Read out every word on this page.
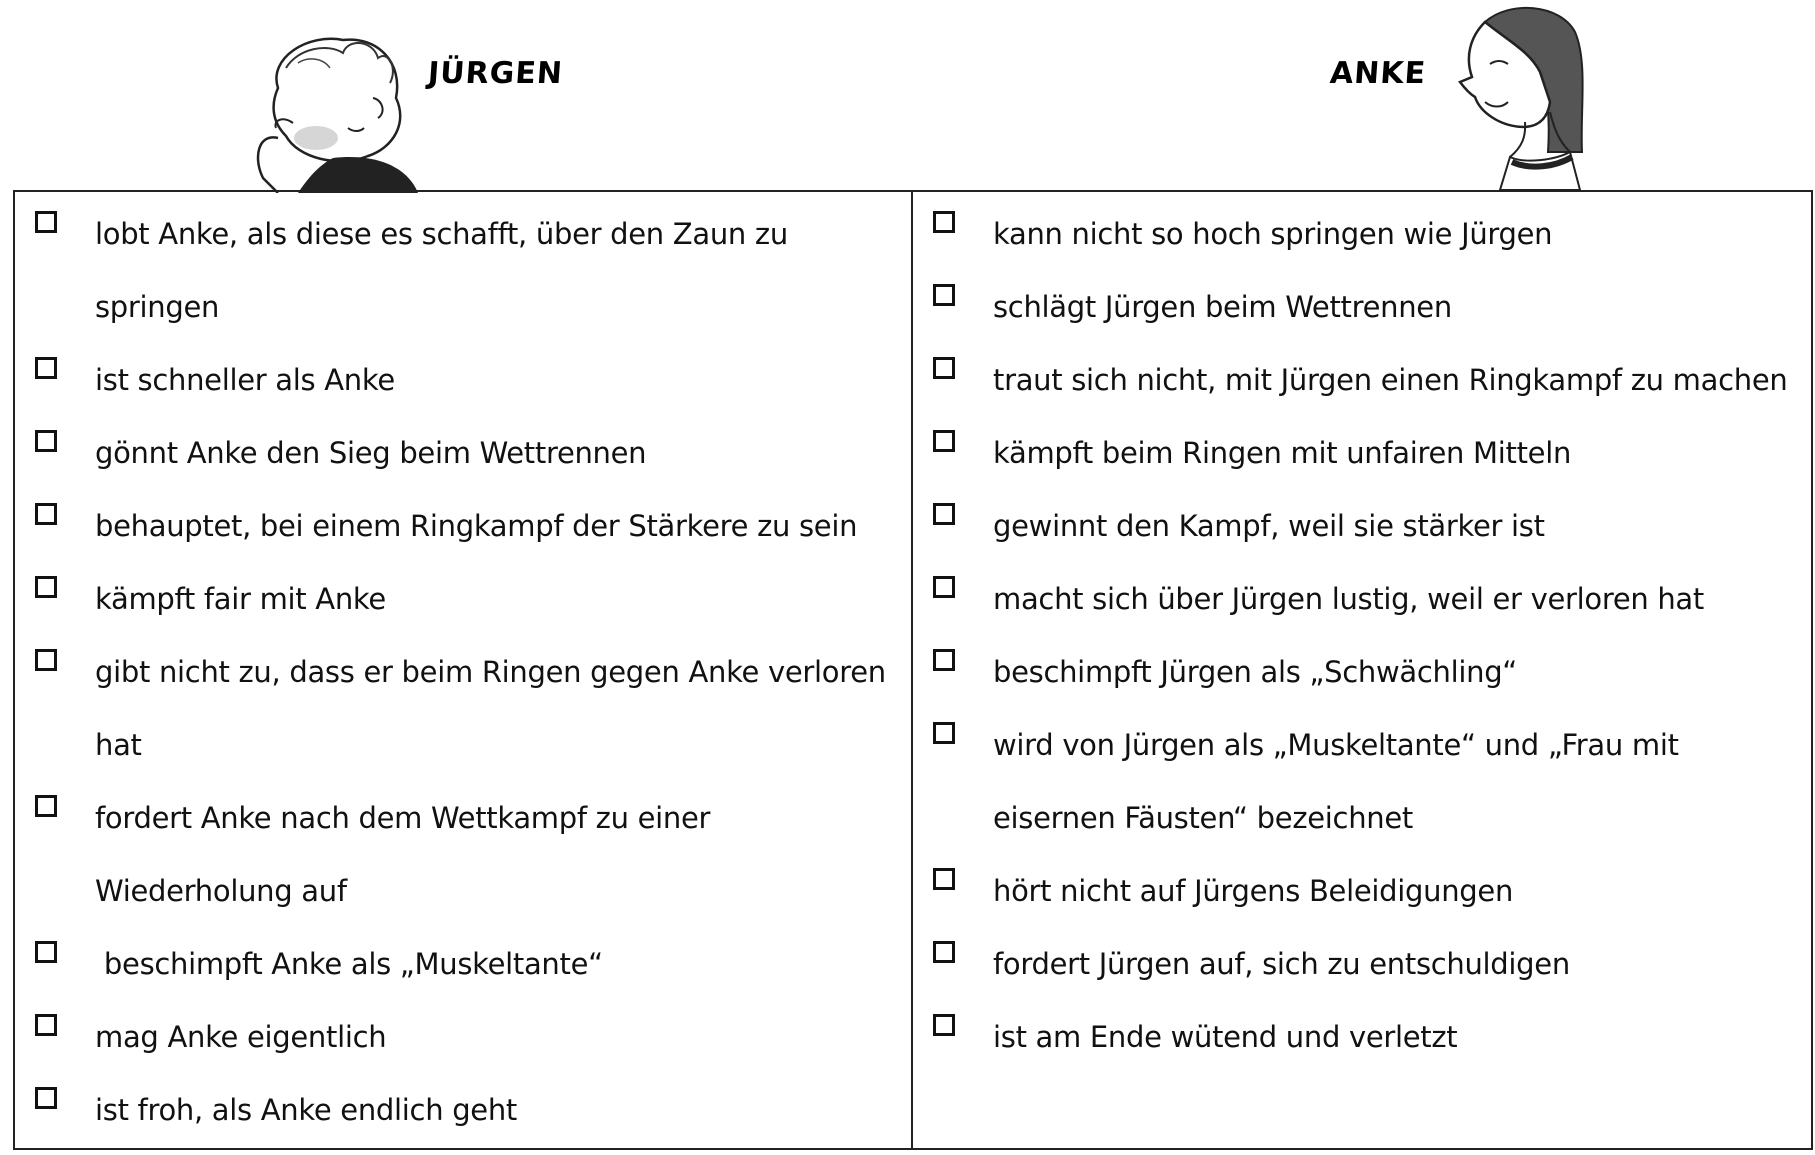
JÜRGEN	ANKE
lobt Anke, als diese es schafft, über den Zaun zu springen
ist schneller als Anke
gönnt Anke den Sieg beim Wettrennen
behauptet, bei einem Ringkampf der Stärkere zu sein
kämpft fair mit Anke
gibt nicht zu, dass er beim Ringen gegen Anke verloren hat
fordert Anke nach dem Wettkampf zu einer Wiederholung auf
beschimpft Anke als „Muskeltante“
mag Anke eigentlich
ist froh, als Anke endlich geht
kann nicht so hoch springen wie Jürgen
schlägt Jürgen beim Wettrennen
traut sich nicht, mit Jürgen einen Ringkampf zu machen
kämpft beim Ringen mit unfairen Mitteln
gewinnt den Kampf, weil sie stärker ist
macht sich über Jürgen lustig, weil er verloren hat
beschimpft Jürgen als „Schwächling“
wird von Jürgen als „Muskeltante“ und „Frau mit eisernen Fäusten“ bezeichnet
hört nicht auf Jürgens Beleidigungen
fordert Jürgen auf, sich zu entschuldigen
ist am Ende wütend und verletzt
